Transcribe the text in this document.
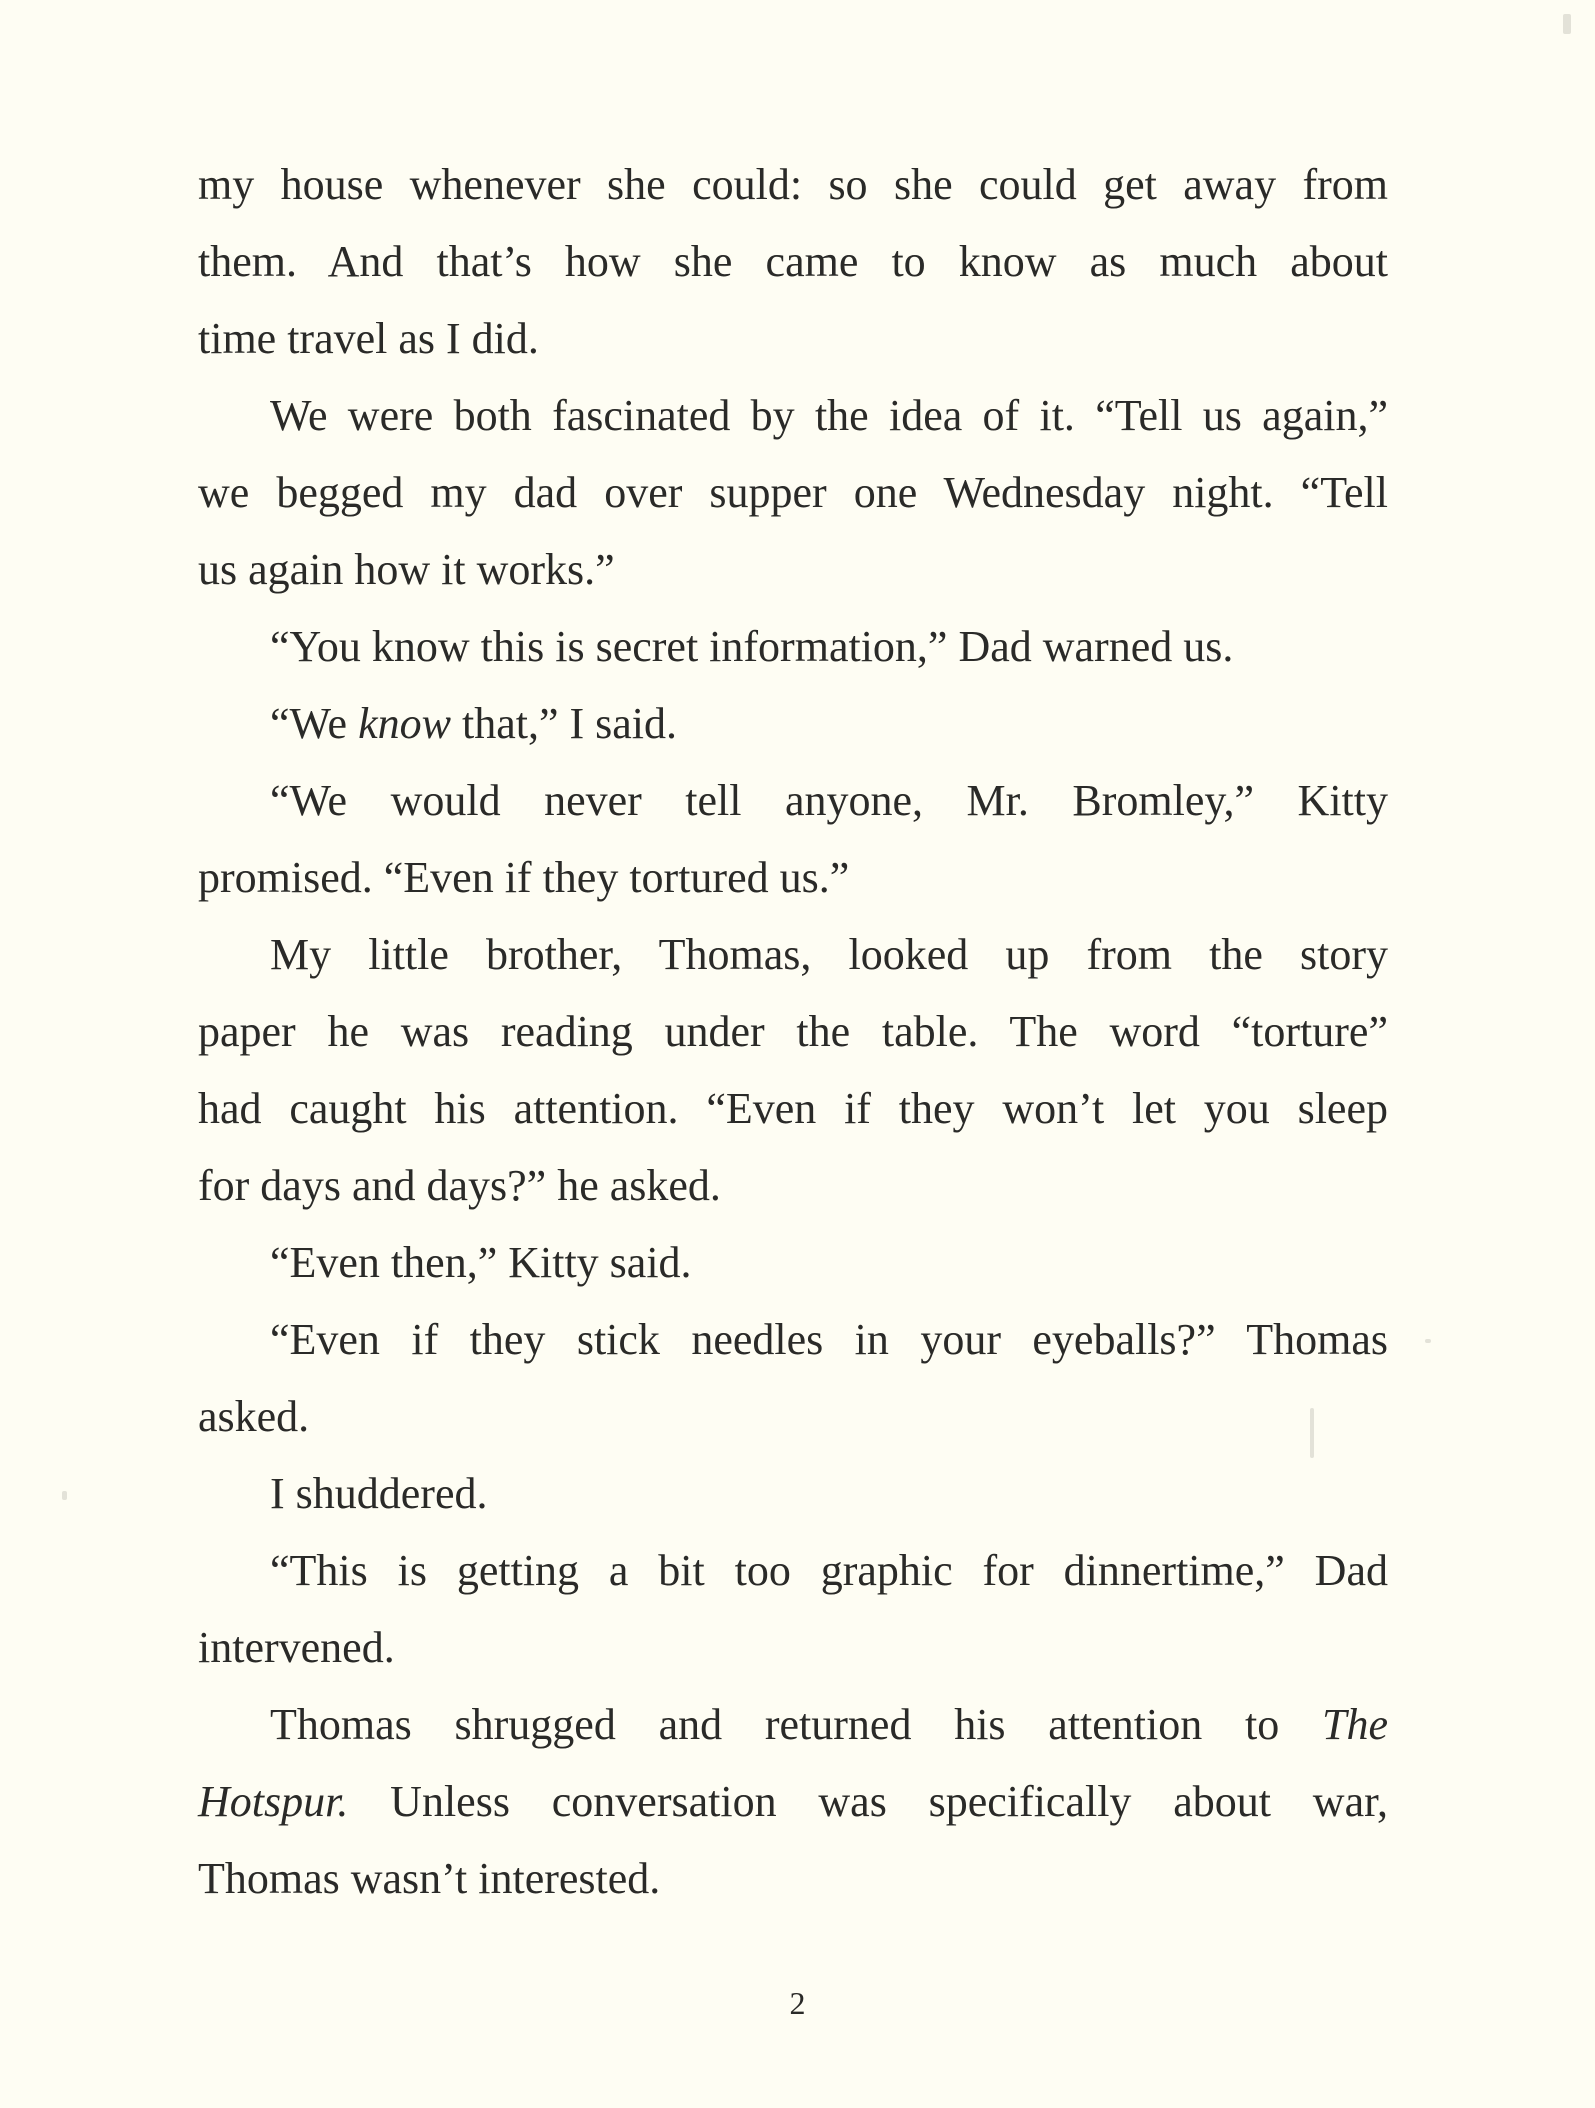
my house whenever she could: so she could get away from
them. And that’s how she came to know as much about
time travel as I did.
We were both fascinated by the idea of it. “Tell us again,”
we begged my dad over supper one Wednesday night. “Tell
us again how it works.”
“You know this is secret information,” Dad warned us.
“We know that,” I said.
“We would never tell anyone, Mr. Bromley,” Kitty
promised. “Even if they tortured us.”
My little brother, Thomas, looked up from the story
paper he was reading under the table. The word “torture”
had caught his attention. “Even if they won’t let you sleep
for days and days?” he asked.
“Even then,” Kitty said.
“Even if they stick needles in your eyeballs?” Thomas
asked.
I shuddered.
“This is getting a bit too graphic for dinnertime,” Dad
intervened.
Thomas shrugged and returned his attention to The
Hotspur. Unless conversation was specifically about war,
Thomas wasn’t interested.
2
